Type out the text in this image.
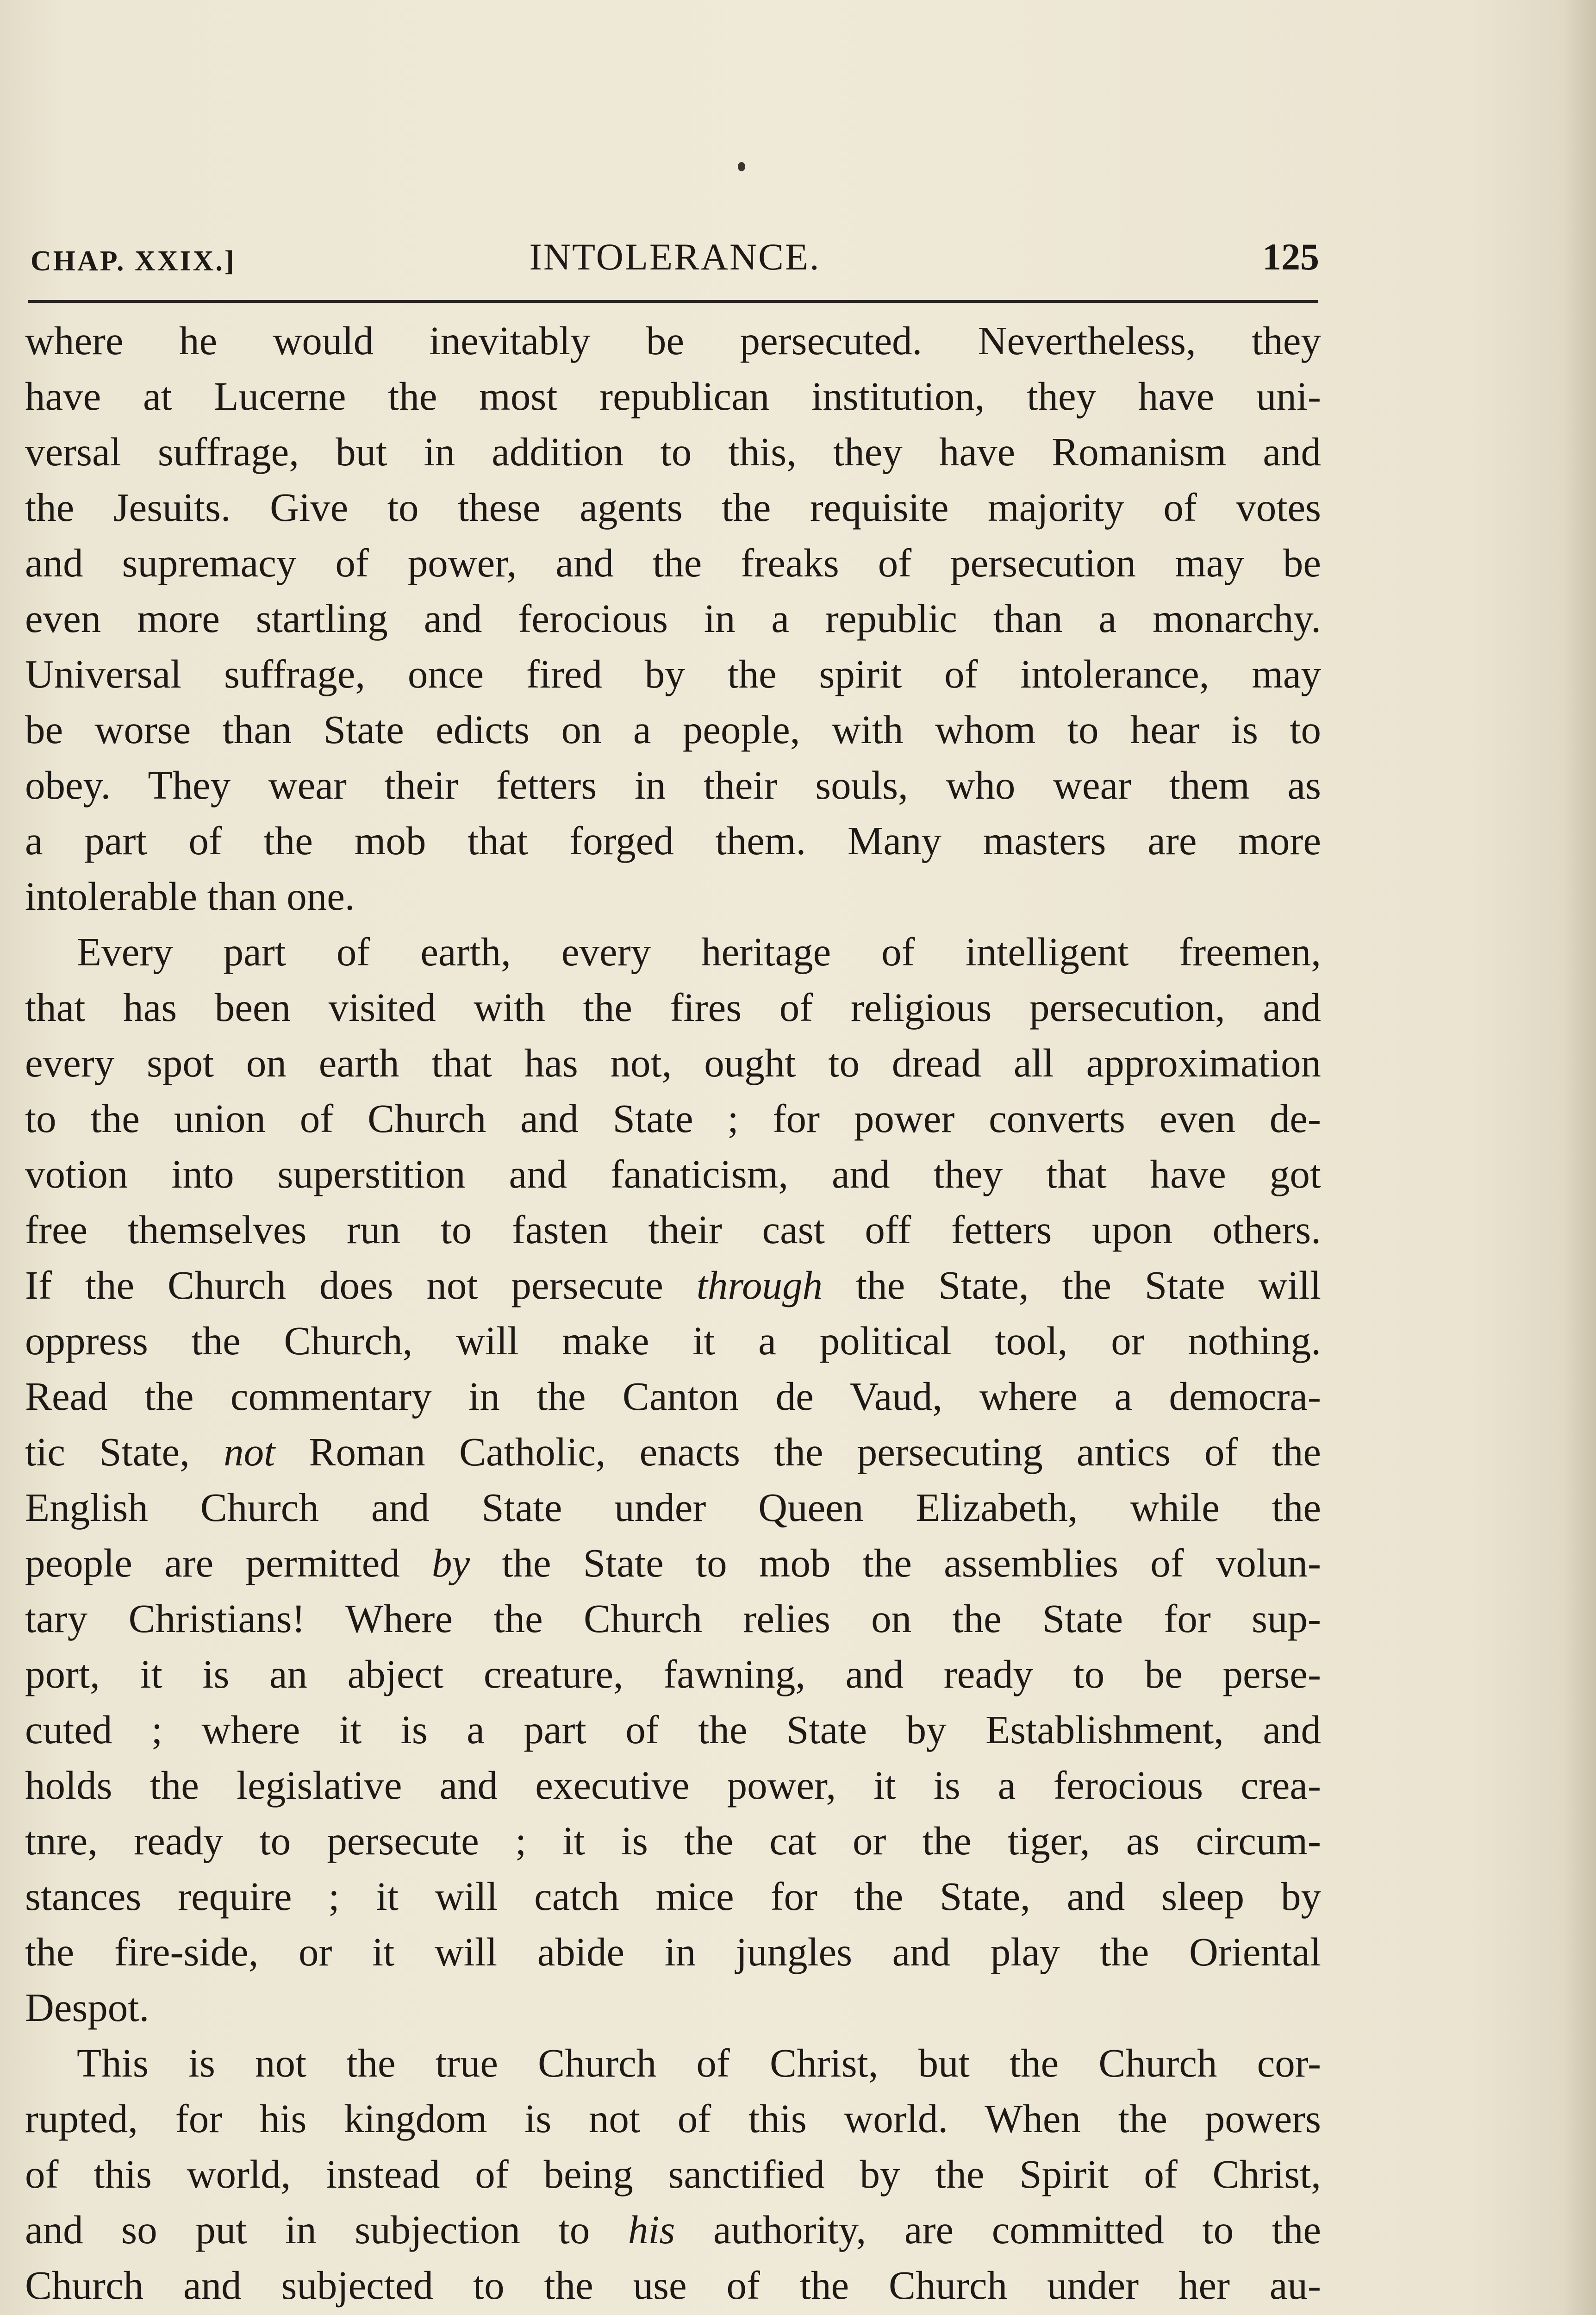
CHAP. XXIX.]	INTOLERANCE.	125
where he would inevitably be persecuted. Nevertheless, they
have at Lucerne the most republican institution, they have uni-
versal suffrage, but in addition to this, they have Romanism and
the Jesuits. Give to these agents the requisite majority of votes
and supremacy of power, and the freaks of persecution may be
even more startling and ferocious in a republic than a monarchy.
Universal suffrage, once fired by the spirit of intolerance, may
be worse than State edicts on a people, with whom to hear is to
obey. They wear their fetters in their souls, who wear them as
a part of the mob that forged them. Many masters are more
intolerable than one.
Every part of earth, every heritage of intelligent freemen,
that has been visited with the fires of religious persecution, and
every spot on earth that has not, ought to dread all approximation
to the union of Church and State ; for power converts even de-
votion into superstition and fanaticism, and they that have got
free themselves run to fasten their cast off fetters upon others.
If the Church does not persecute through the State, the State will
oppress the Church, will make it a political tool, or nothing.
Read the commentary in the Canton de Vaud, where a democra-
tic State, not Roman Catholic, enacts the persecuting antics of the
English Church and State under Queen Elizabeth, while the
people are permitted by the State to mob the assemblies of volun-
tary Christians! Where the Church relies on the State for sup-
port, it is an abject creature, fawning, and ready to be perse-
cuted ; where it is a part of the State by Establishment, and
holds the legislative and executive power, it is a ferocious crea-
tnre, ready to persecute ; it is the cat or the tiger, as circum-
stances require ; it will catch mice for the State, and sleep by
the fire-side, or it will abide in jungles and play the Oriental
Despot.
This is not the true Church of Christ, but the Church cor-
rupted, for his kingdom is not of this world. When the powers
of this world, instead of being sanctified by the Spirit of Christ,
and so put in subjection to his authority, are committed to the
Church and subjected to the use of the Church under her au-
